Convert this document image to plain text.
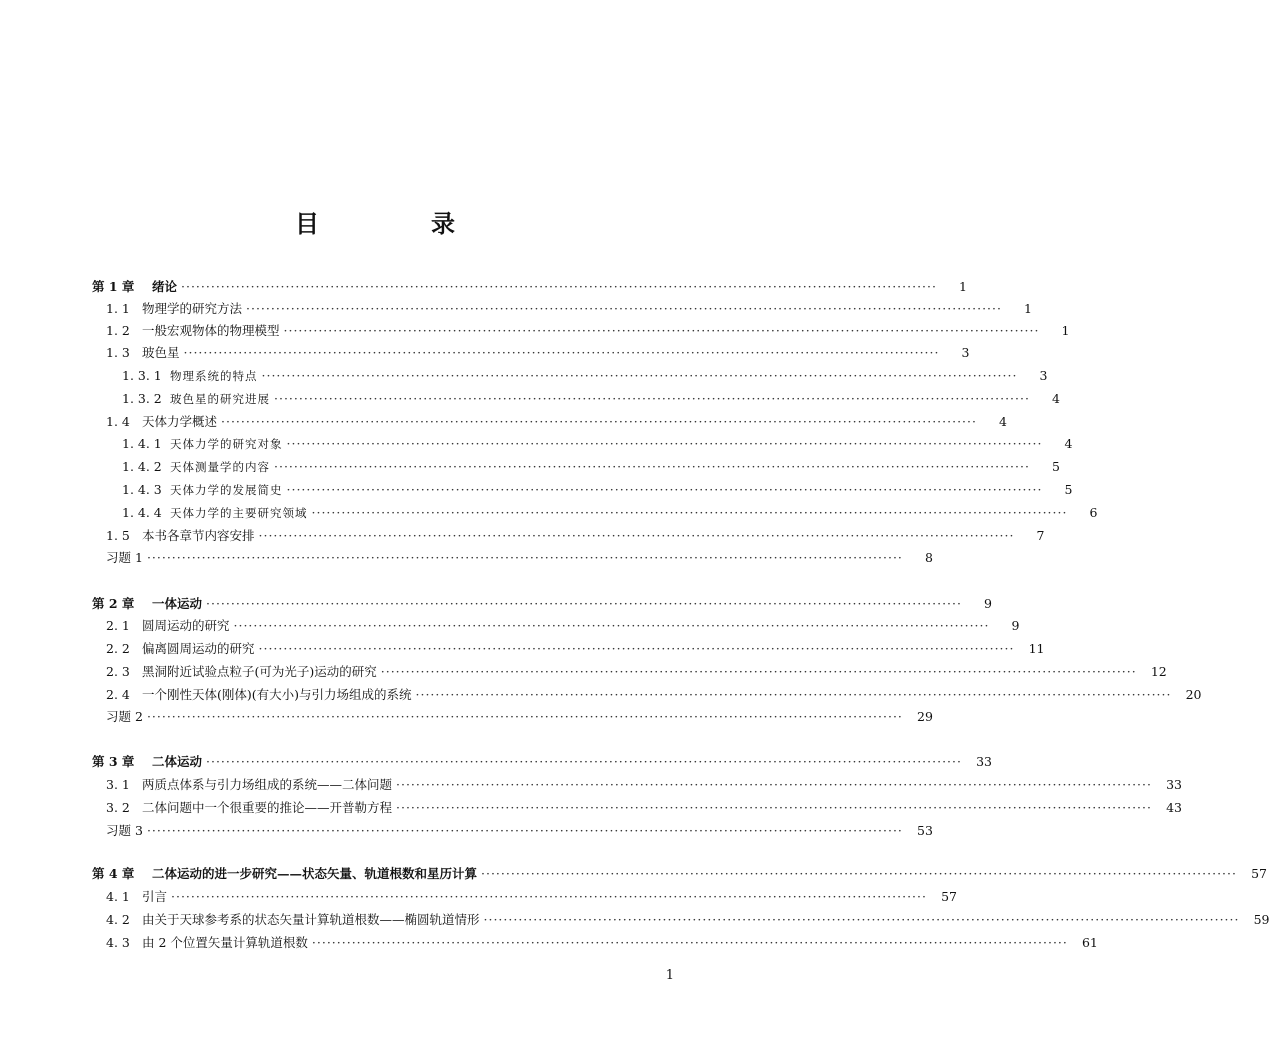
目　录
第 1 章	绪论 ·····	1
1. 1 物理学的研究方法 ·····	1
1. 2 一般宏观物体的物理模型 ·····	1
1. 3 玻色星 ·····	3
1. 3. 1 物理系统的特点 ·····	3
1. 3. 2 玻色星的研究进展 ·····	4
1. 4 天体力学概述 ·····	4
1. 4. 1 天体力学的研究对象 ·····	4
1. 4. 2 天体测量学的内容 ·····	5
1. 4. 3 天体力学的发展简史 ·····	5
1. 4. 4 天体力学的主要研究领域 ·····	6
1. 5 本书各章节内容安排 ·····	7
习题 1 ·····	8
第 2 章	一体运动 ·····	9
2. 1 圆周运动的研究 ·····	9
2. 2 偏离圆周运动的研究 ·····	11
2. 3 黑洞附近试验点粒子(可为光子)运动的研究 ·····	12
2. 4 一个刚性天体(刚体)(有大小)与引力场组成的系统 ·····	20
习题 2 ·····	29
第 3 章	二体运动 ·····	33
3. 1 两质点体系与引力场组成的系统——二体问题 ·····	33
3. 2 二体问题中一个很重要的推论——开普勒方程 ·····	43
习题 3 ·····	53
第 4 章	二体运动的进一步研究——状态矢量、轨道根数和星历计算 ·····	57
4. 1 引言 ·····	57
4. 2 由关于天球参考系的状态矢量计算轨道根数——椭圆轨道情形 ·····	59
4. 3 由 2 个位置矢量计算轨道根数 ·····	61
1
